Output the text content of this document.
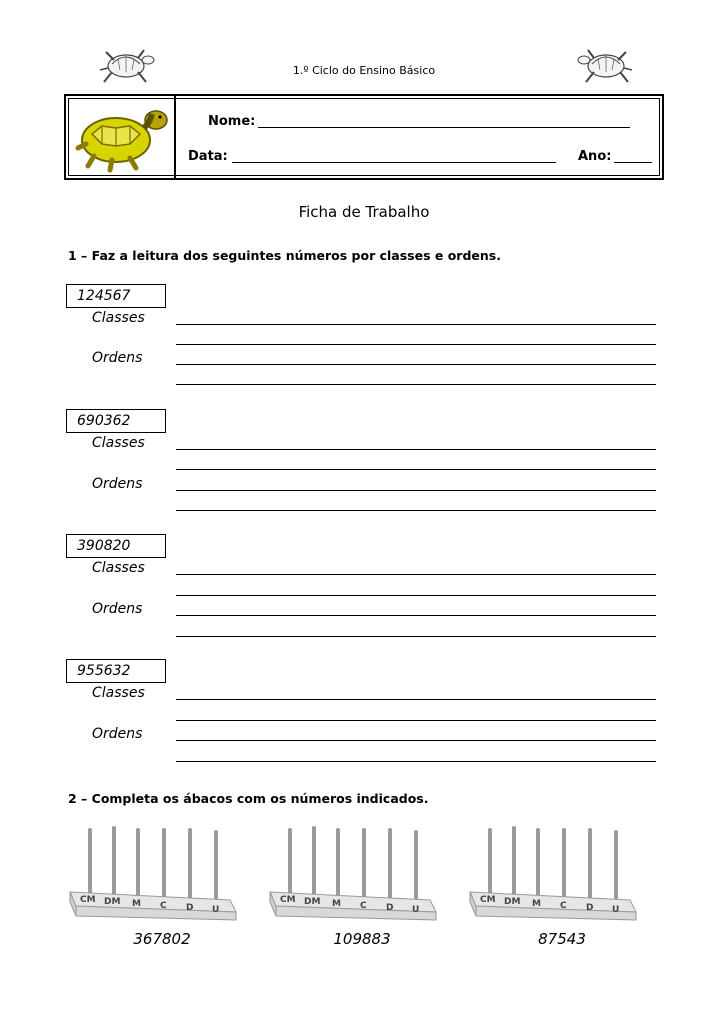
1.º Ciclo do Ensino Básico
Nome:
Data:	Ano:
Ficha de Trabalho
1 – Faz a leitura dos seguintes números por classes e ordens.
124567
Classes
Ordens
690362
Classes
Ordens
390820
Classes
Ordens
955632
Classes
Ordens
2 – Completa os ábacos com os números indicados.
CM DM M C D U
CM DM M C D U
CM DM M C D U
367802	109883	87543
